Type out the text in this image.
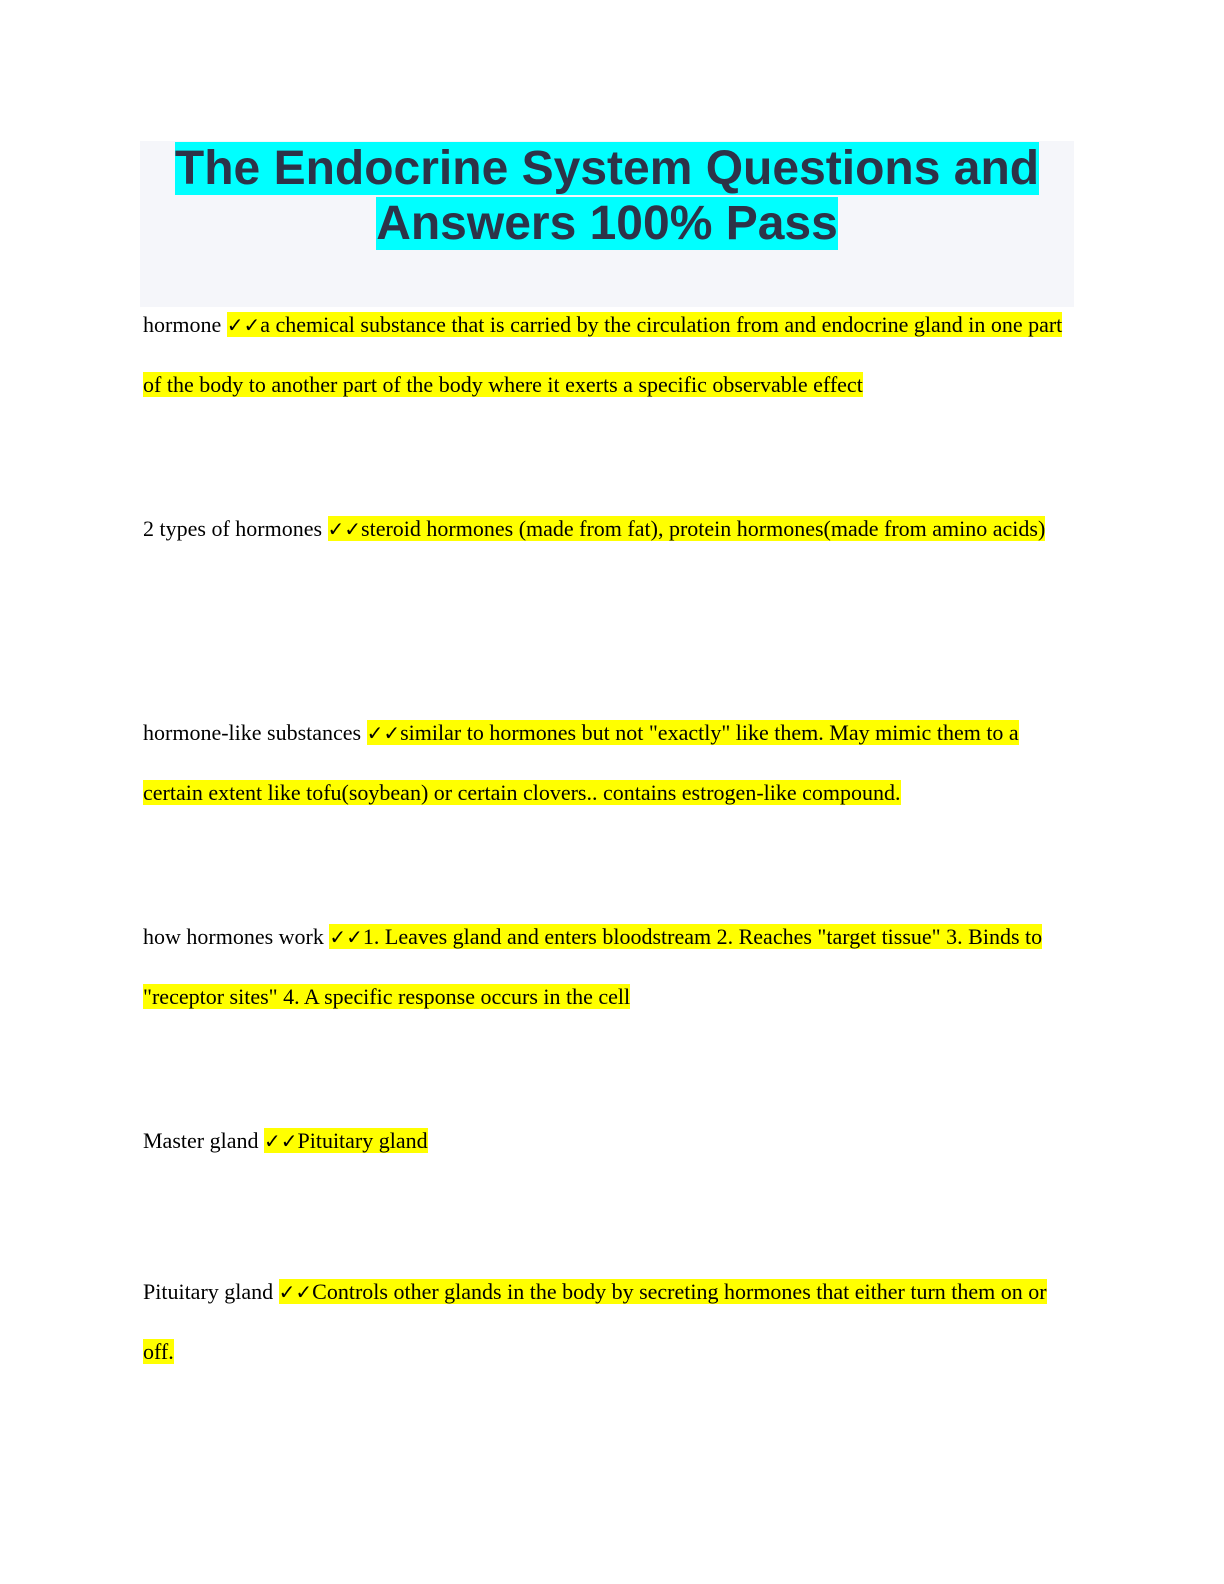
The Endocrine System Questions and Answers 100% Pass

hormone ✓✓a chemical substance that is carried by the circulation from and endocrine gland in one part of the body to another part of the body where it exerts a specific observable effect

2 types of hormones ✓✓steroid hormones (made from fat), protein hormones(made from amino acids)

hormone-like substances ✓✓similar to hormones but not "exactly" like them. May mimic them to a certain extent like tofu(soybean) or certain clovers.. contains estrogen-like compound.

how hormones work ✓✓1. Leaves gland and enters bloodstream 2. Reaches "target tissue" 3. Binds to "receptor sites" 4. A specific response occurs in the cell

Master gland ✓✓Pituitary gland

Pituitary gland ✓✓Controls other glands in the body by secreting hormones that either turn them on or off.
